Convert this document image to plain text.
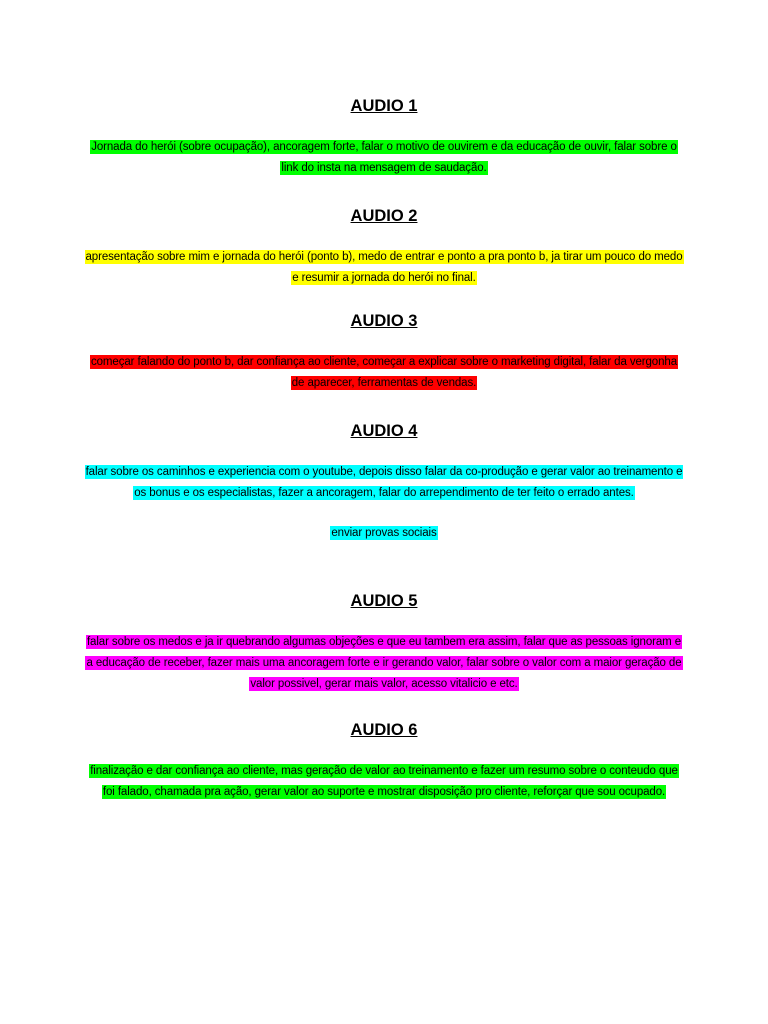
AUDIO 1

Jornada do herói (sobre ocupação), ancoragem forte, falar o motivo de ouvirem e da educação de ouvir, falar sobre o link do insta na mensagem de saudação.

AUDIO 2

apresentação sobre mim e jornada do herói (ponto b), medo de entrar e ponto a pra ponto b, ja tirar um pouco do medo e resumir a jornada do herói no final.

AUDIO 3

começar falando do ponto b, dar confiança ao cliente, começar a explicar sobre o marketing digital, falar da vergonha de aparecer, ferramentas de vendas.

AUDIO 4

falar sobre os caminhos e experiencia com o youtube, depois disso falar da co-produção e gerar valor ao treinamento e os bonus e os especialistas, fazer a ancoragem, falar do arrependimento de ter feito o errado antes.

enviar provas sociais

AUDIO 5

falar sobre os medos e ja ir quebrando algumas objeções e que eu tambem era assim, falar que as pessoas ignoram e a educação de receber, fazer mais uma ancoragem forte e ir gerando valor, falar sobre o valor com a maior geração de valor possivel, gerar mais valor, acesso vitalicio e etc.

AUDIO 6

finalização e dar confiança ao cliente, mas geração de valor ao treinamento e fazer um resumo sobre o conteudo que foi falado, chamada pra ação, gerar valor ao suporte e mostrar disposição pro cliente, reforçar que sou ocupado.
